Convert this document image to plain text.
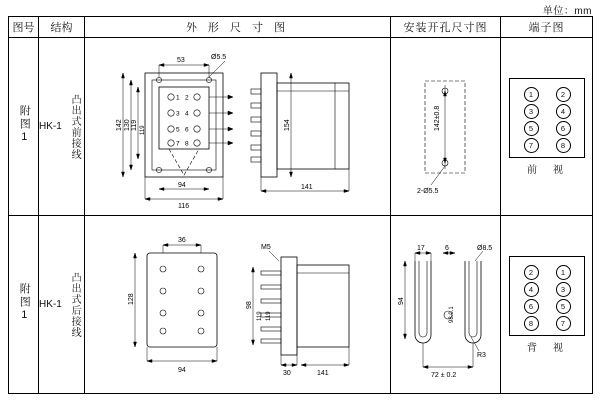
单位：mm
图号	结构	外 形 尺 寸 图	安装开孔尺寸图	端子图
附图1	HK-1 凸出式前接线	1 2
3 4
5 6
7 8
Ø5.5
53
142 130 119 119
94
116
154
141

142±0.8
2-Ø5.5

1	2
3	4
5	6
7	8
前　视

附图1	HK-1 凸出式后接线

36
128
94
M5
98
119 119
30	141

17	6	Ø8.5
94
98.0.1
R3
72 ± 0.2

2	1
4	3
6	5
8	7
背　视
